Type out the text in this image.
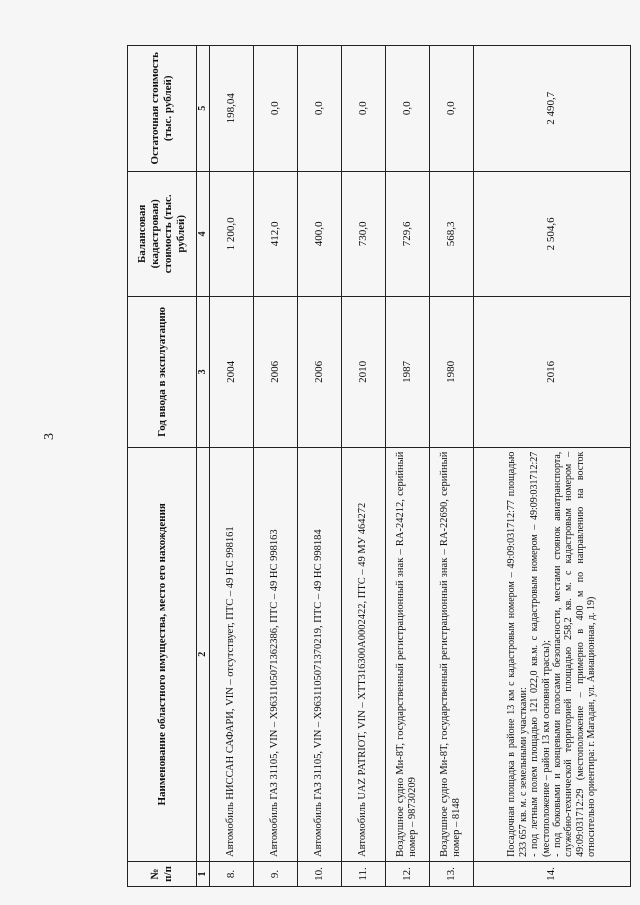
3
№ п/п	Наименование областного имущества, место его нахождения	Год ввода в эксплуатацию	Балансовая (кадастровая) стоимость (тыс. рублей)	Остаточная стоимость (тыс. рублей)
1	2	3	4	5
8.	Автомобиль НИССАН САФАРИ, VIN – отсутствует, ПТС – 49 НС 998161	2004	1 200,0	198,04
9.	Автомобиль ГАЗ 31105, VIN – X9631105071362386, ПТС – 49 НС 998163	2006	412,0	0,0
10.	Автомобиль ГАЗ 31105, VIN – X9631105071370219, ПТС – 49 НС 998184	2006	400,0	0,0
11.	Автомобиль UAZ PATRIOT, VIN – XTT316300A0002422, ПТС – 49 МУ 464272	2010	730,0	0,0
12.	Воздушное судно Ми-8Т, государственный регистрационный знак – RA-24212, серийный номер – 98730209	1987	729,6	0,0
13.	Воздушное судно Ми-8Т, государственный регистрационный знак – RA-22690, серийный номер – 8148	1980	568,3	0,0
14.	Посадочная площадка в районе 13 км с кадастровым номером – 49:09:031712:77 площадью 233 657 кв. м. с земельными участками: - под летным полем площадью 121 022,0 кв.м. с кадастровым номером – 49:09:031712:27 (местоположение – район 13 км основной трассы); - под боковыми и концевыми полосами безопасности, местами стоянок авиатранспорта, служебно-технической территорией площадью 258,2 кв. м. с кадастровым номером – 49:09:031712:29 (местоположение – примерно в 400 м по направлению на восток относительно ориентира: г. Магадан, ул. Авиационная, д. 19)	2016	2 504,6	2 490,7
